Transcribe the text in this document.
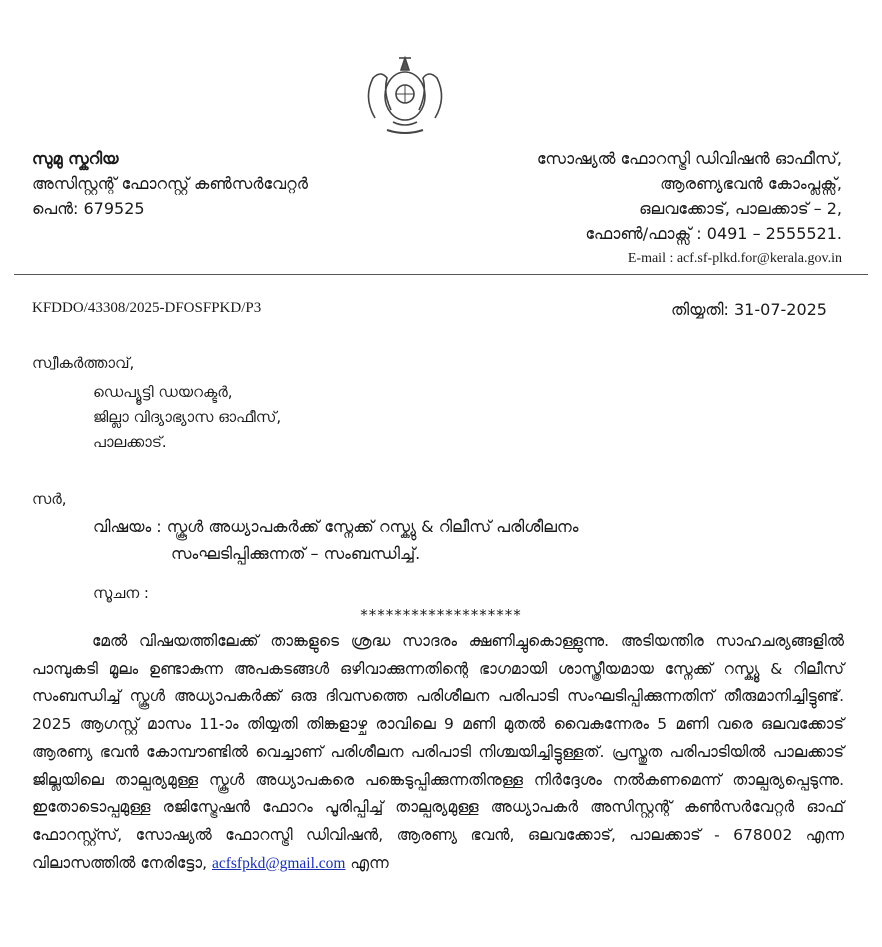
സുമു സ്കറിയ
അസിസ്റ്റന്റ് ഫോറസ്റ്റ് കൺസർവേറ്റർ
പെൻ: 679525
സോഷ്യൽ ഫോറസ്ട്രി ഡിവിഷൻ ഓഫീസ്,
ആരണ്യഭവൻ കോംപ്ലക്സ്,
ഒലവക്കോട്, പാലക്കാട് – 2,
ഫോൺ/ഫാക്സ് : 0491 – 2555521.
E-mail : acf.sf-plkd.for@kerala.gov.in
KFDDO/43308/2025-DFOSFPKD/P3	തിയ്യതി: 31-07-2025
സ്വീകർത്താവ്,
ഡെപ്യൂട്ടി ഡയറക്ടർ,
ജില്ലാ വിദ്യാഭ്യാസ ഓഫീസ്,
പാലക്കാട്.
സർ,
വിഷയം : സ്കൂൾ അധ്യാപകർക്ക് സ്നേക്ക് റസ്ക്യു & റിലീസ് പരിശീലനം
സംഘടിപ്പിക്കുന്നത് – സംബന്ധിച്ച്.
സൂചന :
*******************
മേൽ വിഷയത്തിലേക്ക് താങ്കളുടെ ശ്രദ്ധ സാദരം ക്ഷണിച്ചുകൊള്ളുന്നു. അടിയന്തിര സാഹചര്യങ്ങളിൽ പാമ്പുകടി മൂലം ഉണ്ടാകുന്ന അപകടങ്ങൾ ഒഴിവാക്കുന്നതിന്റെ ഭാഗമായി ശാസ്ത്രീയമായ സ്നേക്ക് റസ്ക്യൂ & റിലീസ് സംബന്ധിച്ച് സ്കൂൾ അധ്യാപകർക്ക് ഒരു ദിവസത്തെ പരിശീലന പരിപാടി സംഘടിപ്പിക്കുന്നതിന് തീരുമാനിച്ചിട്ടുണ്ട്. 2025 ആഗസ്റ്റ് മാസം 11-ാം തിയ്യതി തിങ്കളാഴ്ച രാവിലെ 9 മണി മുതൽ വൈകുന്നേരം 5 മണി വരെ ഒലവക്കോട് ആരണ്യ ഭവൻ കോമ്പൗണ്ടിൽ വെച്ചാണ് പരിശീലന പരിപാടി നിശ്ചയിച്ചിട്ടുള്ളത്. പ്രസ്തുത പരിപാടിയിൽ പാലക്കാട് ജില്ലയിലെ താല്പര്യമുള്ള സ്കൂൾ അധ്യാപകരെ പങ്കെടുപ്പിക്കുന്നതിനുള്ള നിർദ്ദേശം നൽകണമെന്ന് താല്പര്യപ്പെടുന്നു. ഇതോടൊപ്പമുള്ള രജിസ്ട്രേഷൻ ഫോറം പൂരിപ്പിച്ച് താല്പര്യമുള്ള അധ്യാപകർ അസിസ്റ്റന്റ് കൺസർവേറ്റർ ഓഫ് ഫോറസ്റ്റ്സ്, സോഷ്യൽ ഫോറസ്ട്രി ഡിവിഷൻ, ആരണ്യ ഭവൻ, ഒലവക്കോട്, പാലക്കാട് - 678002 എന്ന വിലാസത്തിൽ നേരിട്ടോ, acfsfpkd@gmail.com എന്ന
